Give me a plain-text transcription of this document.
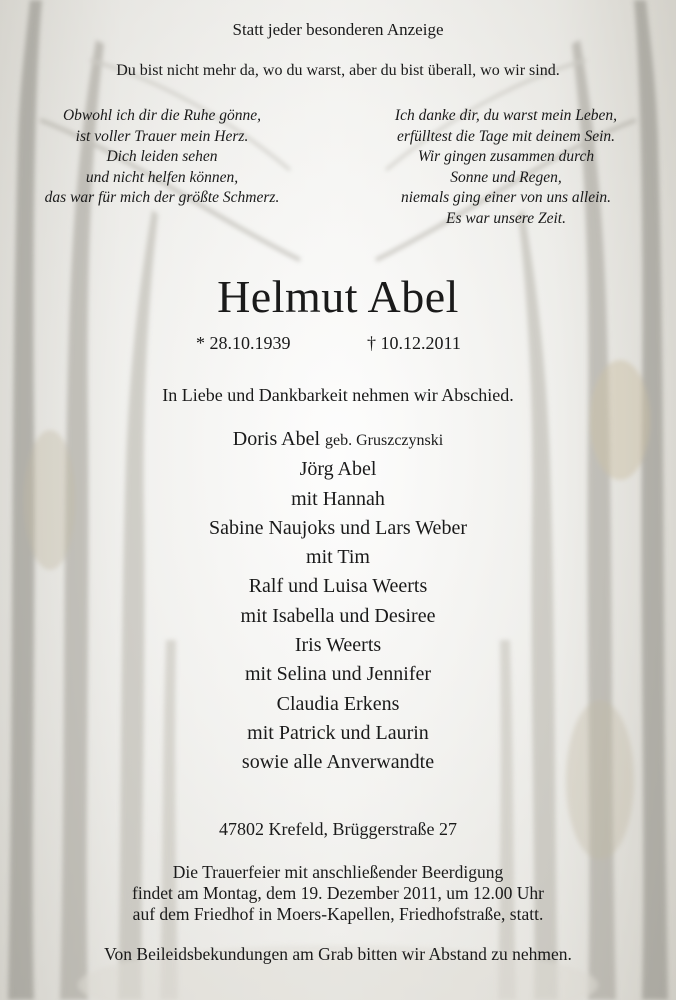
Statt jeder besonderen Anzeige
Du bist nicht mehr da, wo du warst, aber du bist überall, wo wir sind.
Obwohl ich dir die Ruhe gönne,
ist voller Trauer mein Herz.
Dich leiden sehen
und nicht helfen können,
das war für mich der größte Schmerz.
Ich danke dir, du warst mein Leben,
erfülltest die Tage mit deinem Sein.
Wir gingen zusammen durch
Sonne und Regen,
niemals ging einer von uns allein.
Es war unsere Zeit.
Helmut Abel
* 28.10.1939	† 10.12.2011
In Liebe und Dankbarkeit nehmen wir Abschied.
Doris Abel geb. Gruszczynski
Jörg Abel
mit Hannah
Sabine Naujoks und Lars Weber
mit Tim
Ralf und Luisa Weerts
mit Isabella und Desiree
Iris Weerts
mit Selina und Jennifer
Claudia Erkens
mit Patrick und Laurin
sowie alle Anverwandte
47802 Krefeld, Brüggerstraße 27
Die Trauerfeier mit anschließender Beerdigung
findet am Montag, dem 19. Dezember 2011, um 12.00 Uhr
auf dem Friedhof in Moers-Kapellen, Friedhofstraße, statt.
Von Beileidsbekundungen am Grab bitten wir Abstand zu nehmen.
